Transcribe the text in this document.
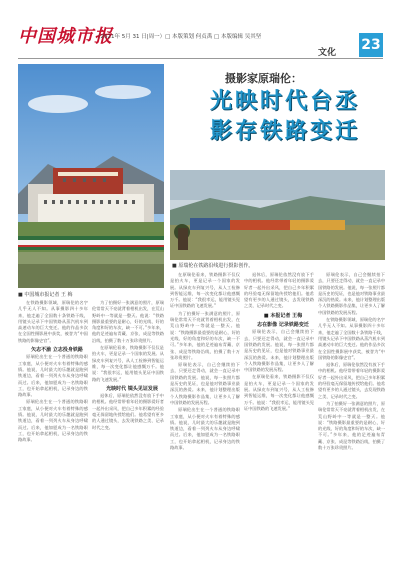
中国城市报
（2021年 5月 31 日|周一）□ 本版策划 何贞禹 □ 本版编辑 吴其坚
文化 23
摄影家原瑞伦：
光映时代台丞
影存铁路变迁
■ 中国城市报记者 王 梅
■ 原瑞伦在铁路沿线进行摄影创作。

在铁路摄影领域，原瑞伦的名字几乎无人不知。从事摄影四十多年来，他走遍了全国数十条铁路干线，用镜头记录下中国铁路从蒸汽机车到高速动车的巨大变迁。他的作品多次在全国性摄影展中获奖，被誉为“中国铁路的影像史官”。

矢志不渝 立志投身铁路

原瑞伦出生在一个普通的铁路职工家庭，从小便对火车有着特殊的感情。他说，儿时最大的乐趣就是跑到铁道边，看着一列列火车从身边呼啸而过。后来，他如愿成为一名铁路职工，也开始拿起相机，记录身边的铁路故事。

原瑞伦出生在一个普通的铁路职工家庭，从小便对火车有着特殊的感情。他说，儿时最大的乐趣就是跑到铁道边，看着一列列火车从身边呼啸而过。后来，他如愿成为一名铁路职工，也开始拿起相机，记录身边的铁路故事。

为了拍摄好一张满意的照片，原瑞伦常常天不亮就背着相机出发，在荒山野岭中一等就是一整天。他说：“铁路摄影最重要的是耐心，好的光线、好的角度和好的车次，缺一不可。”多年来，他的足迹遍布青藏、京张、成昆等铁路沿线，拍摄了数十万张珍贵照片。

在原瑞伦看来，铁路摄影不仅仅是拍火车，更是记录一个国家的发展。从绿皮车到复兴号，从人工检修到智能运维，每一次变化都让他感慨万千。他说：“我很幸运，能用镜头见证中国铁路的飞速发展。”

光映时代 镜头见证发展

退休后，原瑞伦依然没有放下手中的相机。他经常带着年轻的摄影爱好者一起外出采风，把自己多年积累的经验毫无保留地传授给他们。他希望有更多的人通过镜头，去发现铁路之美、记录时代之变。

在原瑞伦看来，铁路摄影不仅仅是拍火车，更是记录一个国家的发展。从绿皮车到复兴号，从人工检修到智能运维，每一次变化都让他感慨万千。他说：“我很幸运，能用镜头见证中国铁路的飞速发展。”

为了拍摄好一张满意的照片，原瑞伦常常天不亮就背着相机出发，在荒山野岭中一等就是一整天。他说：“铁路摄影最重要的是耐心，好的光线、好的角度和好的车次，缺一不可。”多年来，他的足迹遍布青藏、京张、成昆等铁路沿线，拍摄了数十万张珍贵照片。

原瑞伦表示，自己会继续拍下去，只要还走得动，就会一直记录中国铁路的发展。他说，每一张照片都是历史的见证，也是他对铁路事业最深沉的热爱。未来，他计划整理出版个人铁路摄影作品集，让更多人了解中国铁路的发展历程。

原瑞伦出生在一个普通的铁路职工家庭，从小便对火车有着特殊的感情。他说，儿时最大的乐趣就是跑到铁道边，看着一列列火车从身边呼啸而过。后来，他如愿成为一名铁路职工，也开始拿起相机，记录身边的铁路故事。

退休后，原瑞伦依然没有放下手中的相机。他经常带着年轻的摄影爱好者一起外出采风，把自己多年积累的经验毫无保留地传授给他们。他希望有更多的人通过镜头，去发现铁路之美、记录时代之变。

■ 本报记者 王梅

志在影像 记录铁路变迁

原瑞伦表示，自己会继续拍下去，只要还走得动，就会一直记录中国铁路的发展。他说，每一张照片都是历史的见证，也是他对铁路事业最深沉的热爱。未来，他计划整理出版个人铁路摄影作品集，让更多人了解中国铁路的发展历程。

在原瑞伦看来，铁路摄影不仅仅是拍火车，更是记录一个国家的发展。从绿皮车到复兴号，从人工检修到智能运维，每一次变化都让他感慨万千。他说：“我很幸运，能用镜头见证中国铁路的飞速发展。”

原瑞伦表示，自己会继续拍下去，只要还走得动，就会一直记录中国铁路的发展。他说，每一张照片都是历史的见证，也是他对铁路事业最深沉的热爱。未来，他计划整理出版个人铁路摄影作品集，让更多人了解中国铁路的发展历程。

在铁路摄影领域，原瑞伦的名字几乎无人不知。从事摄影四十多年来，他走遍了全国数十条铁路干线，用镜头记录下中国铁路从蒸汽机车到高速动车的巨大变迁。他的作品多次在全国性摄影展中获奖，被誉为“中国铁路的影像史官”。

退休后，原瑞伦依然没有放下手中的相机。他经常带着年轻的摄影爱好者一起外出采风，把自己多年积累的经验毫无保留地传授给他们。他希望有更多的人通过镜头，去发现铁路之美、记录时代之变。

为了拍摄好一张满意的照片，原瑞伦常常天不亮就背着相机出发，在荒山野岭中一等就是一整天。他说：“铁路摄影最重要的是耐心，好的光线、好的角度和好的车次，缺一不可。”多年来，他的足迹遍布青藏、京张、成昆等铁路沿线，拍摄了数十万张珍贵照片。
